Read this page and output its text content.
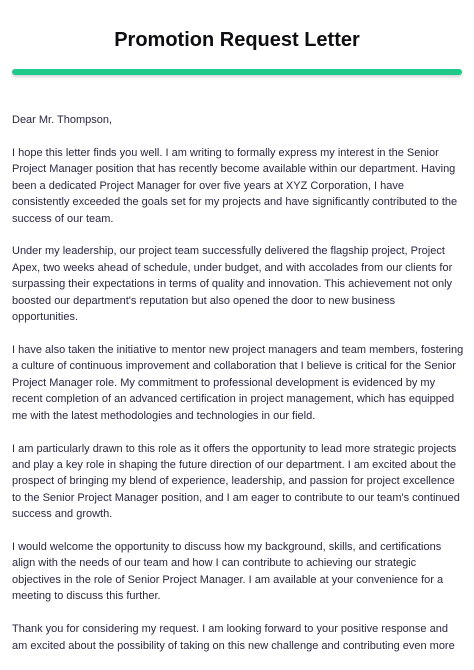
Promotion Request Letter

Dear Mr. Thompson,

I hope this letter finds you well. I am writing to formally express my interest in the Senior Project Manager position that has recently become available within our department. Having been a dedicated Project Manager for over five years at XYZ Corporation, I have consistently exceeded the goals set for my projects and have significantly contributed to the success of our team.

Under my leadership, our project team successfully delivered the flagship project, Project Apex, two weeks ahead of schedule, under budget, and with accolades from our clients for surpassing their expectations in terms of quality and innovation. This achievement not only boosted our department's reputation but also opened the door to new business opportunities.

I have also taken the initiative to mentor new project managers and team members, fostering a culture of continuous improvement and collaboration that I believe is critical for the Senior Project Manager role. My commitment to professional development is evidenced by my recent completion of an advanced certification in project management, which has equipped me with the latest methodologies and technologies in our field.

I am particularly drawn to this role as it offers the opportunity to lead more strategic projects and play a key role in shaping the future direction of our department. I am excited about the prospect of bringing my blend of experience, leadership, and passion for project excellence to the Senior Project Manager position, and I am eager to contribute to our team's continued success and growth.

I would welcome the opportunity to discuss how my background, skills, and certifications align with the needs of our team and how I can contribute to achieving our strategic objectives in the role of Senior Project Manager. I am available at your convenience for a meeting to discuss this further.

Thank you for considering my request. I am looking forward to your positive response and am excited about the possibility of taking on this new challenge and contributing even more
